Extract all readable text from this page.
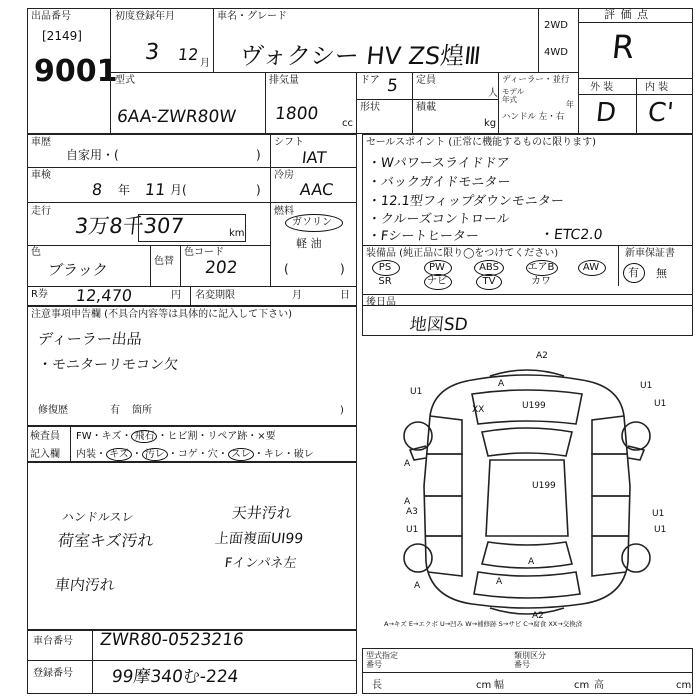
出品番号
[2149]
9001
初度登録年月
3 12 月
車名・グレード
ヴォクシー HV ZS煌Ⅲ
2WD
4WD
評 価 点
R
外 装	内 装
D C'
型式
6AA-ZWR80W
排気量
1800 cc
ドア 5 定員
人
形状	積載
kg
ディーラー・並行
モデル
年式
年
ハンドル 左・右
車歴
自家用・(	)
シフト
IAT
車検
8 年 11 月(	)
冷房
AAC
走行
3万8千307	km
燃料
ガソリン
軽 油
色
ブラック	色替
色コード
202	(	)
R券 12,470	円 名変期限	月	日
セールスポイント (正常に機能するものに限ります)
・Wパワースライドドア
・バックガイドモニター
・12.1型フィップダウンモニター
・クルーズコントロール
・Fシートヒーター	・ETC2.0
装備品 (純正品に限り◯をつけてください)	新車保証書
PS	PW	ABS	エアB	AW
SR	ナビ	TV	カワ
有 無
後日品
地図SD
注意事項申告欄 (不具合内容等は具体的に記入して下さい)
ディーラー出品
・モニターリモコン欠
修復歴	有 箇所	)
検査員
記入欄
FW・キズ・ 飛石 ・ヒビ割・リペア跡・×要
内装・ キズ ・ 汚レ ・コゲ・穴・ スレ ・キレ・破レ
ハンドルスレ
荷室キズ汚れ
天井汚れ
上面複面UI99
Fインパネ左
車内汚れ
A2
A
XX	U199
U1
A
A
U199
A3
U1
A
A
A2
U1
U1
U1
U1
A
A→キズ E→エクボ U→凹み W→補修跡 S→サビ C→腐食 XX→交換済
車台番号 ZWR80-0523216
登録番号 99摩340む-224
型式指定
番号
類別区分
番号
長	cm 幅	cm 高	cm
